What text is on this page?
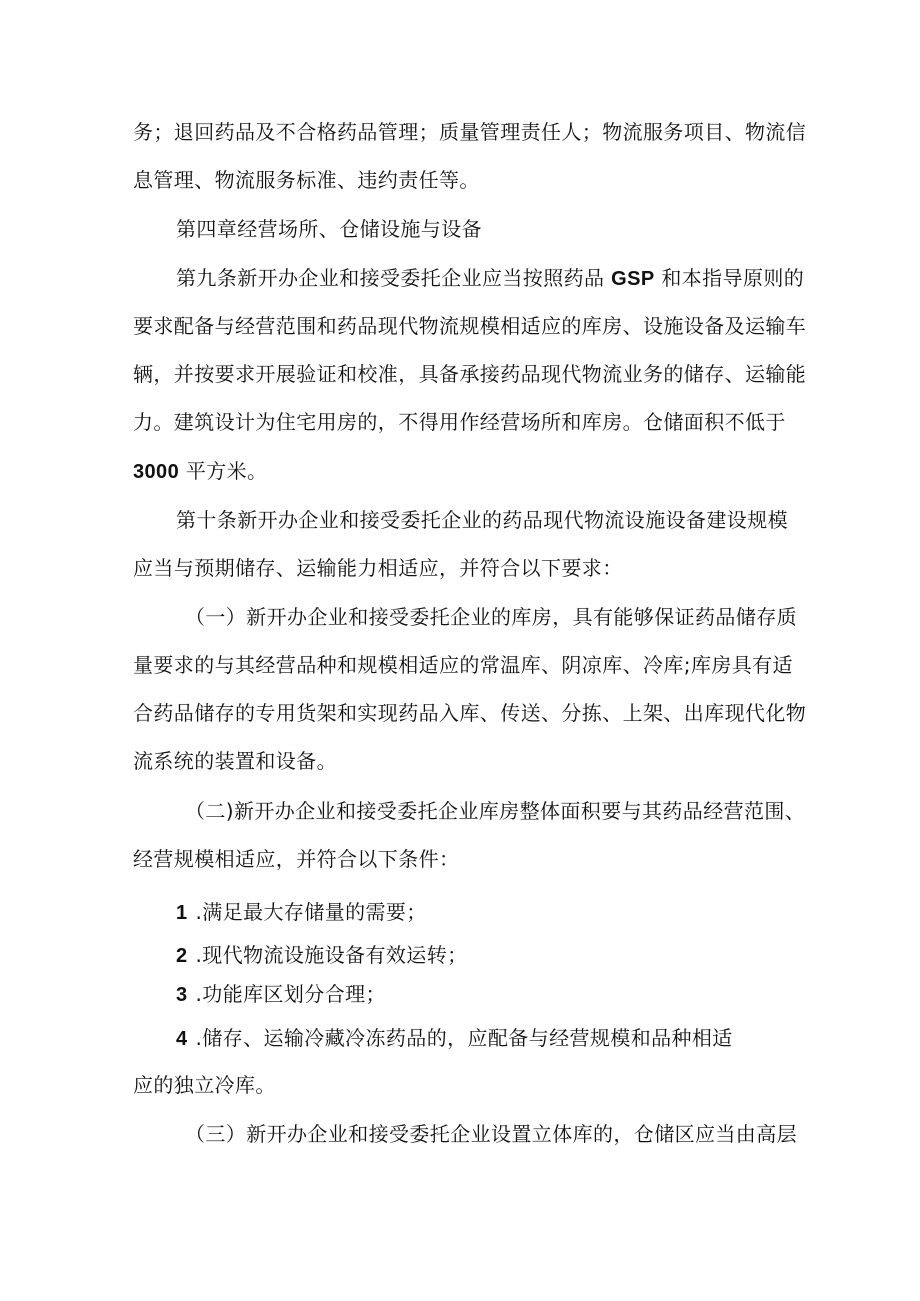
务；退回药品及不合格药品管理；质量管理责任人；物流服务项目、物流信
息管理、物流服务标准、违约责任等。
第四章经营场所、仓储设施与设备
第九条新开办企业和接受委托企业应当按照药品 GSP 和本指导原则的
要求配备与经营范围和药品现代物流规模相适应的库房、设施设备及运输车
辆，并按要求开展验证和校准，具备承接药品现代物流业务的储存、运输能
力。建筑设计为住宅用房的，不得用作经营场所和库房。仓储面积不低于
3000 平方米。
第十条新开办企业和接受委托企业的药品现代物流设施设备建设规模
应当与预期储存、运输能力相适应，并符合以下要求：
（一）新开办企业和接受委托企业的库房，具有能够保证药品储存质
量要求的与其经营品种和规模相适应的常温库、阴凉库、冷库;库房具有适
合药品储存的专用货架和实现药品入库、传送、分拣、上架、出库现代化物
流系统的装置和设备。
（二)新开办企业和接受委托企业库房整体面积要与其药品经营范围、
经营规模相适应，并符合以下条件：
1 .满足最大存储量的需要；
2 .现代物流设施设备有效运转；
3 .功能库区划分合理；
4 .储存、运输冷藏冷冻药品的，应配备与经营规模和品种相适
应的独立冷库。
（三）新开办企业和接受委托企业设置立体库的，仓储区应当由高层
